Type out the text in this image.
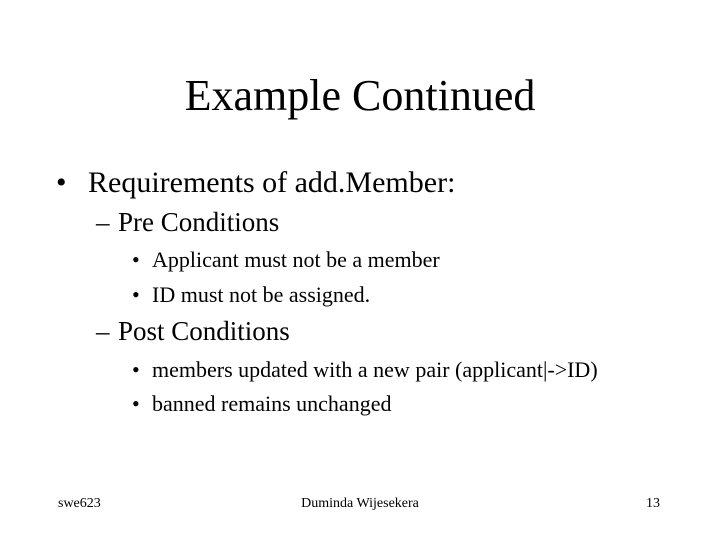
Example Continued
• Requirements of add.Member:
– Pre Conditions
• Applicant must not be a member
• ID must not be assigned.
– Post Conditions
• members updated with a new pair (applicant|->ID)
• banned remains unchanged
swe623	Duminda Wijesekera	13
